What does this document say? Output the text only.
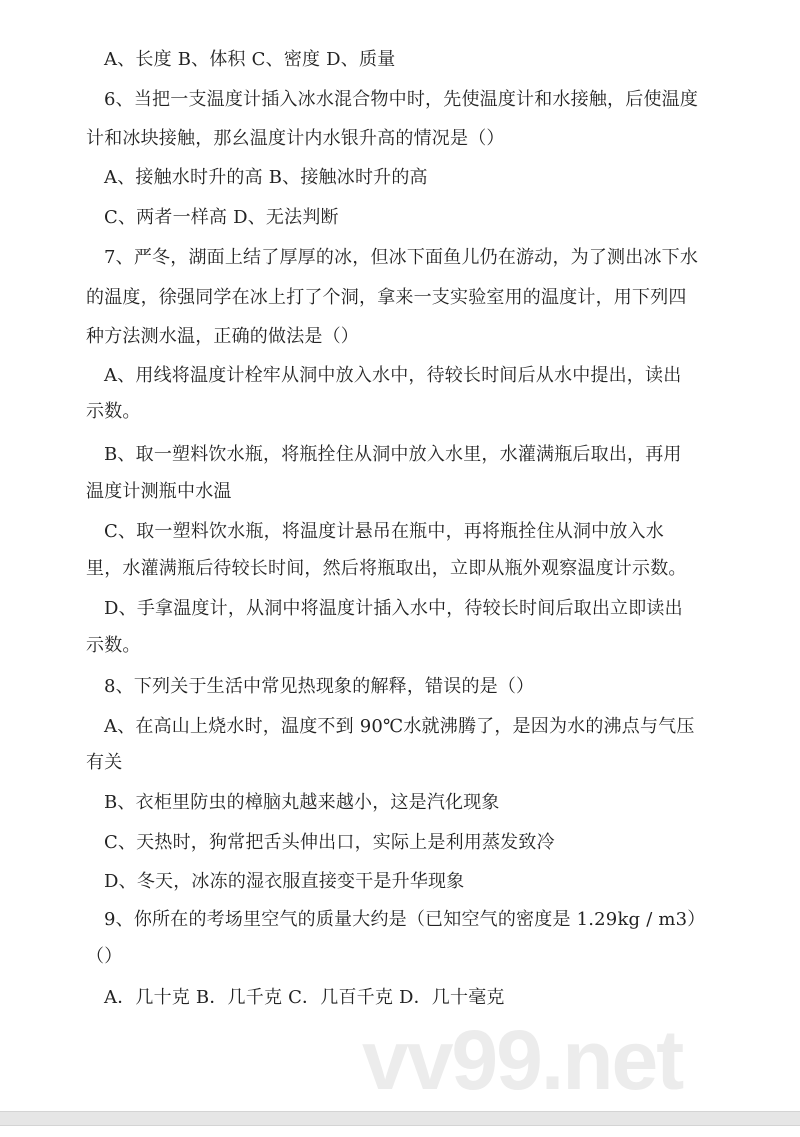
A、长度 B、体积 C、密度 D、质量
6、当把一支温度计插入冰水混合物中时，先使温度计和水接触，后使温度
计和冰块接触，那幺温度计内水银升高的情况是（）
A、接触水时升的高 B、接触冰时升的高
C、两者一样高 D、无法判断
7、严冬，湖面上结了厚厚的冰，但冰下面鱼儿仍在游动，为了测出冰下水
的温度，徐强同学在冰上打了个洞，拿来一支实验室用的温度计，用下列四
种方法测水温，正确的做法是（）
A、用线将温度计栓牢从洞中放入水中，待较长时间后从水中提出，读出
示数。
B、取一塑料饮水瓶，将瓶拴住从洞中放入水里，水灌满瓶后取出，再用
温度计测瓶中水温
C、取一塑料饮水瓶，将温度计悬吊在瓶中，再将瓶拴住从洞中放入水
里，水灌满瓶后待较长时间，然后将瓶取出，立即从瓶外观察温度计示数。
D、手拿温度计，从洞中将温度计插入水中，待较长时间后取出立即读出
示数。
8、下列关于生活中常见热现象的解释，错误的是（）
A、在高山上烧水时，温度不到 90℃水就沸腾了，是因为水的沸点与气压
有关
B、衣柜里防虫的樟脑丸越来越小，这是汽化现象
C、天热时，狗常把舌头伸出口，实际上是利用蒸发致冷
D、冬天，冰冻的湿衣服直接变干是升华现象
9、你所在的考场里空气的质量大约是（已知空气的密度是 1.29kg / m3）
（）
A．几十克 B．几千克 C．几百千克 D．几十毫克
vv99.net
